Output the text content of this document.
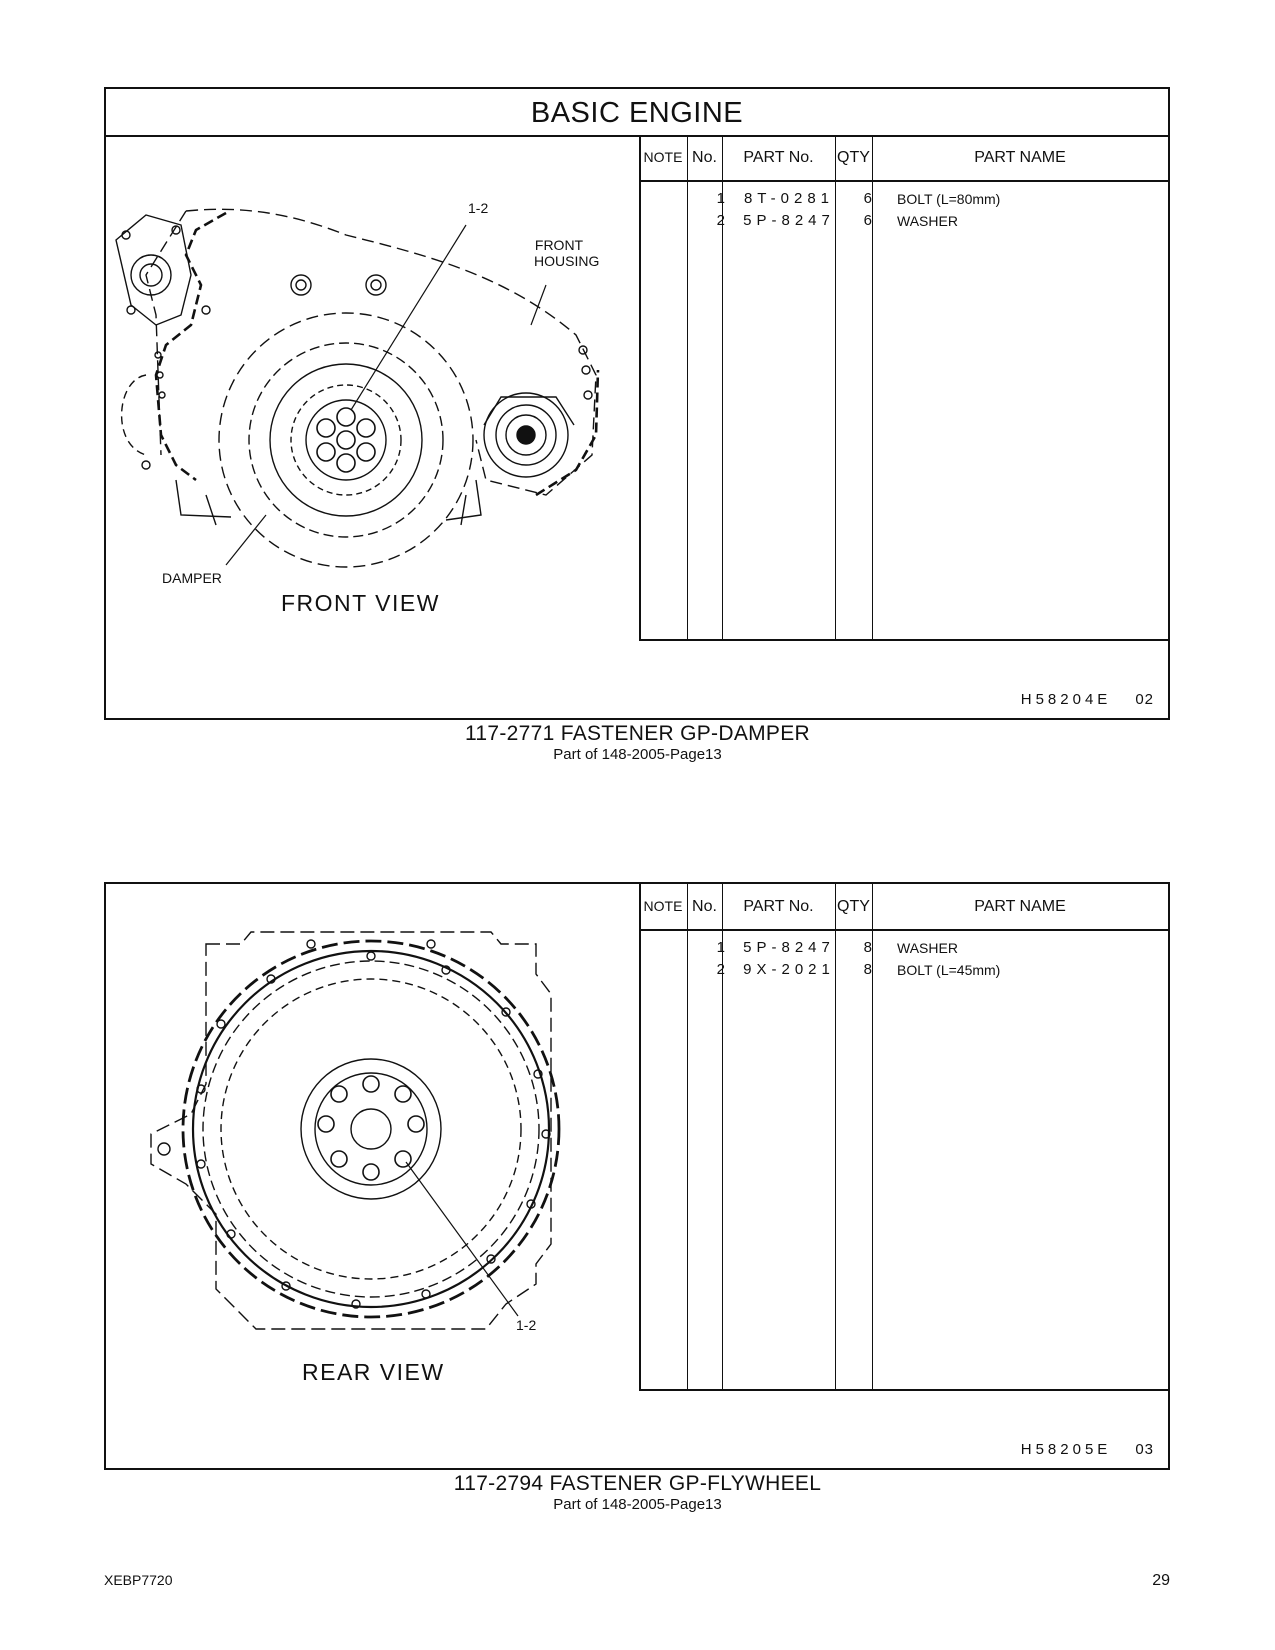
BASIC ENGINE
1-2
FRONT
HOUSING
DAMPER
FRONT VIEW
NOTE No.	PART No.	QTY	PART NAME
1	8T-0281	6 BOLT (L=80mm)
2 5P-8247	6 WASHER
H58204E 02
117-2771 FASTENER GP-DAMPER
Part of 148-2005-Page13
1-2
REAR VIEW
NOTE No.	PART No.	QTY	PART NAME
1 5P-8247	8 WASHER
2 9X-2021	8 BOLT (L=45mm)
H58205E 03
117-2794 FASTENER GP-FLYWHEEL
Part of 148-2005-Page13
XEBP7720	29
